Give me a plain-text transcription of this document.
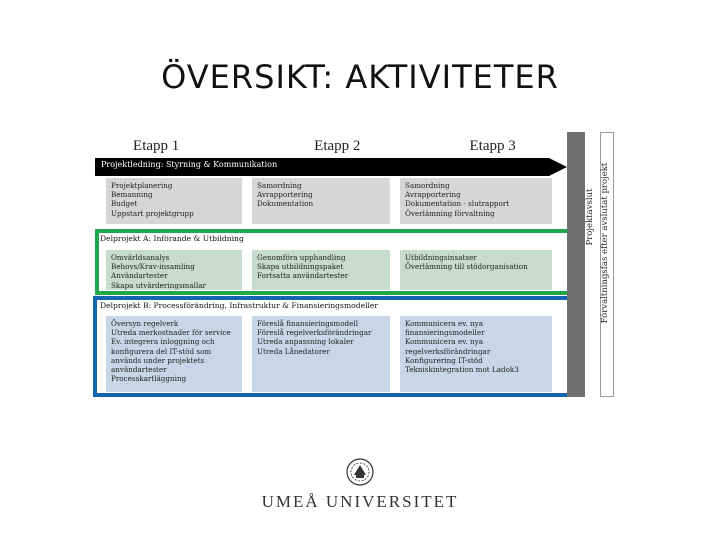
ÖVERSIKT: AKTIVITETER
Etapp 1	Etapp 2	Etapp 3
Projektledning: Styrning & Kommunikation
Projektplanering
Bemanning
Budget
Uppstart projektgrupp
Samordning
Avrapportering
Dokumentation
Samordning
Avrapportering
Dokumentation - slutrapport
Överlämning förvaltning
Delprojekt A: Införande & Utbildning
Omvärldsanalys
Behovs/Krav-insamling
Användartester
Skapa utvärderingsmallar
Genomföra upphandling
Skapa utbildningspaket
Fortsatta användartester
Utbildningsinsatser
Överlämning till stödorganisation
Delprojekt B: Processförändring, Infrastruktur & Finansieringsmodeller
Översyn regelverk
Utreda merkostnader för service
Ev. integrera inloggning och konfigurera del IT-stöd som används under projektets användartester
Processkartläggning
Föreslå finansieringsmodell
Föreslå regelverksförändringar
Utreda anpassning lokaler
Utreda Lånedatorer
Kommunicera ev. nya finansieringsmodeller
Kommunicera ev. nya regelverksförändringar
Konfigurering IT-stöd
Tekniskintegration mot Ladok3
Projektavslut Förvaltningsfas efter avslutat projekt
UMEÅ UNIVERSITET
